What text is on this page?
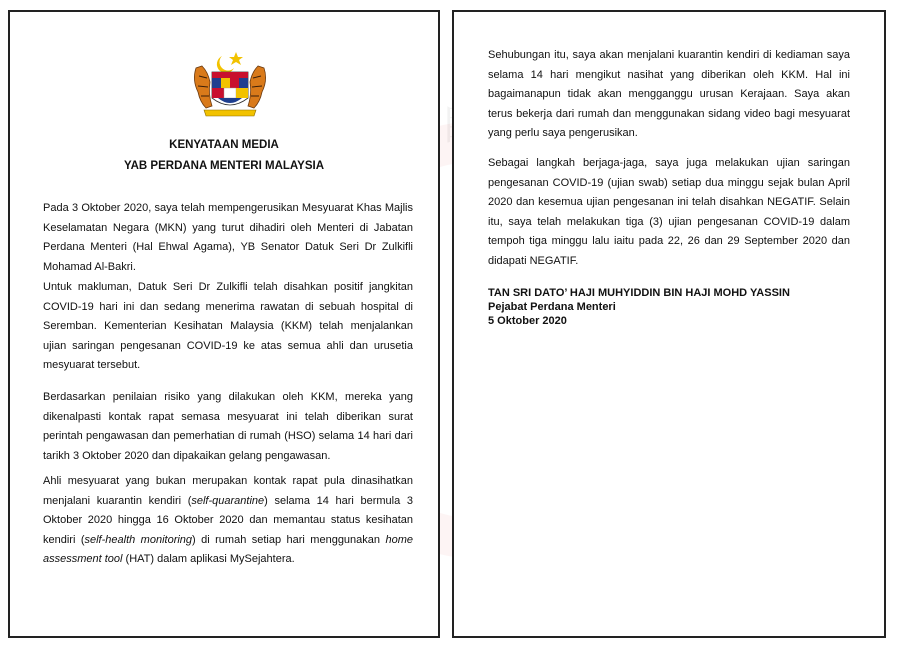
KENYATAAN MEDIA
YAB PERDANA MENTERI MALAYSIA

Pada 3 Oktober 2020, saya telah mempengerusikan Mesyuarat Khas Majlis Keselamatan Negara (MKN) yang turut dihadiri oleh Menteri di Jabatan Perdana Menteri (Hal Ehwal Agama), YB Senator Datuk Seri Dr Zulkifli Mohamad Al-Bakri.

Untuk makluman, Datuk Seri Dr Zulkifli telah disahkan positif jangkitan COVID-19 hari ini dan sedang menerima rawatan di sebuah hospital di Seremban. Kementerian Kesihatan Malaysia (KKM) telah menjalankan ujian saringan pengesanan COVID-19 ke atas semua ahli dan urusetia mesyuarat tersebut.

Berdasarkan penilaian risiko yang dilakukan oleh KKM, mereka yang dikenalpasti kontak rapat semasa mesyuarat ini telah diberikan surat perintah pengawasan dan pemerhatian di rumah (HSO) selama 14 hari dari tarikh 3 Oktober 2020 dan dipakaikan gelang pengawasan.

Ahli mesyuarat yang bukan merupakan kontak rapat pula dinasihatkan menjalani kuarantin kendiri (self-quarantine) selama 14 hari bermula 3 Oktober 2020 hingga 16 Oktober 2020 dan memantau status kesihatan kendiri (self-health monitoring) di rumah setiap hari menggunakan home assessment tool (HAT) dalam aplikasi MySejahtera.

Sehubungan itu, saya akan menjalani kuarantin kendiri di kediaman saya selama 14 hari mengikut nasihat yang diberikan oleh KKM. Hal ini bagaimanapun tidak akan mengganggu urusan Kerajaan. Saya akan terus bekerja dari rumah dan menggunakan sidang video bagi mesyuarat yang perlu saya pengerusikan.

Sebagai langkah berjaga-jaga, saya juga melakukan ujian saringan pengesanan COVID-19 (ujian swab) setiap dua minggu sejak bulan April 2020 dan kesemua ujian pengesanan ini telah disahkan NEGATIF. Selain itu, saya telah melakukan tiga (3) ujian pengesanan COVID-19 dalam tempoh tiga minggu lalu iaitu pada 22, 26 dan 29 September 2020 dan didapati NEGATIF.

TAN SRI DATO’ HAJI MUHYIDDIN BIN HAJI MOHD YASSIN
Pejabat Perdana Menteri
5 Oktober 2020
